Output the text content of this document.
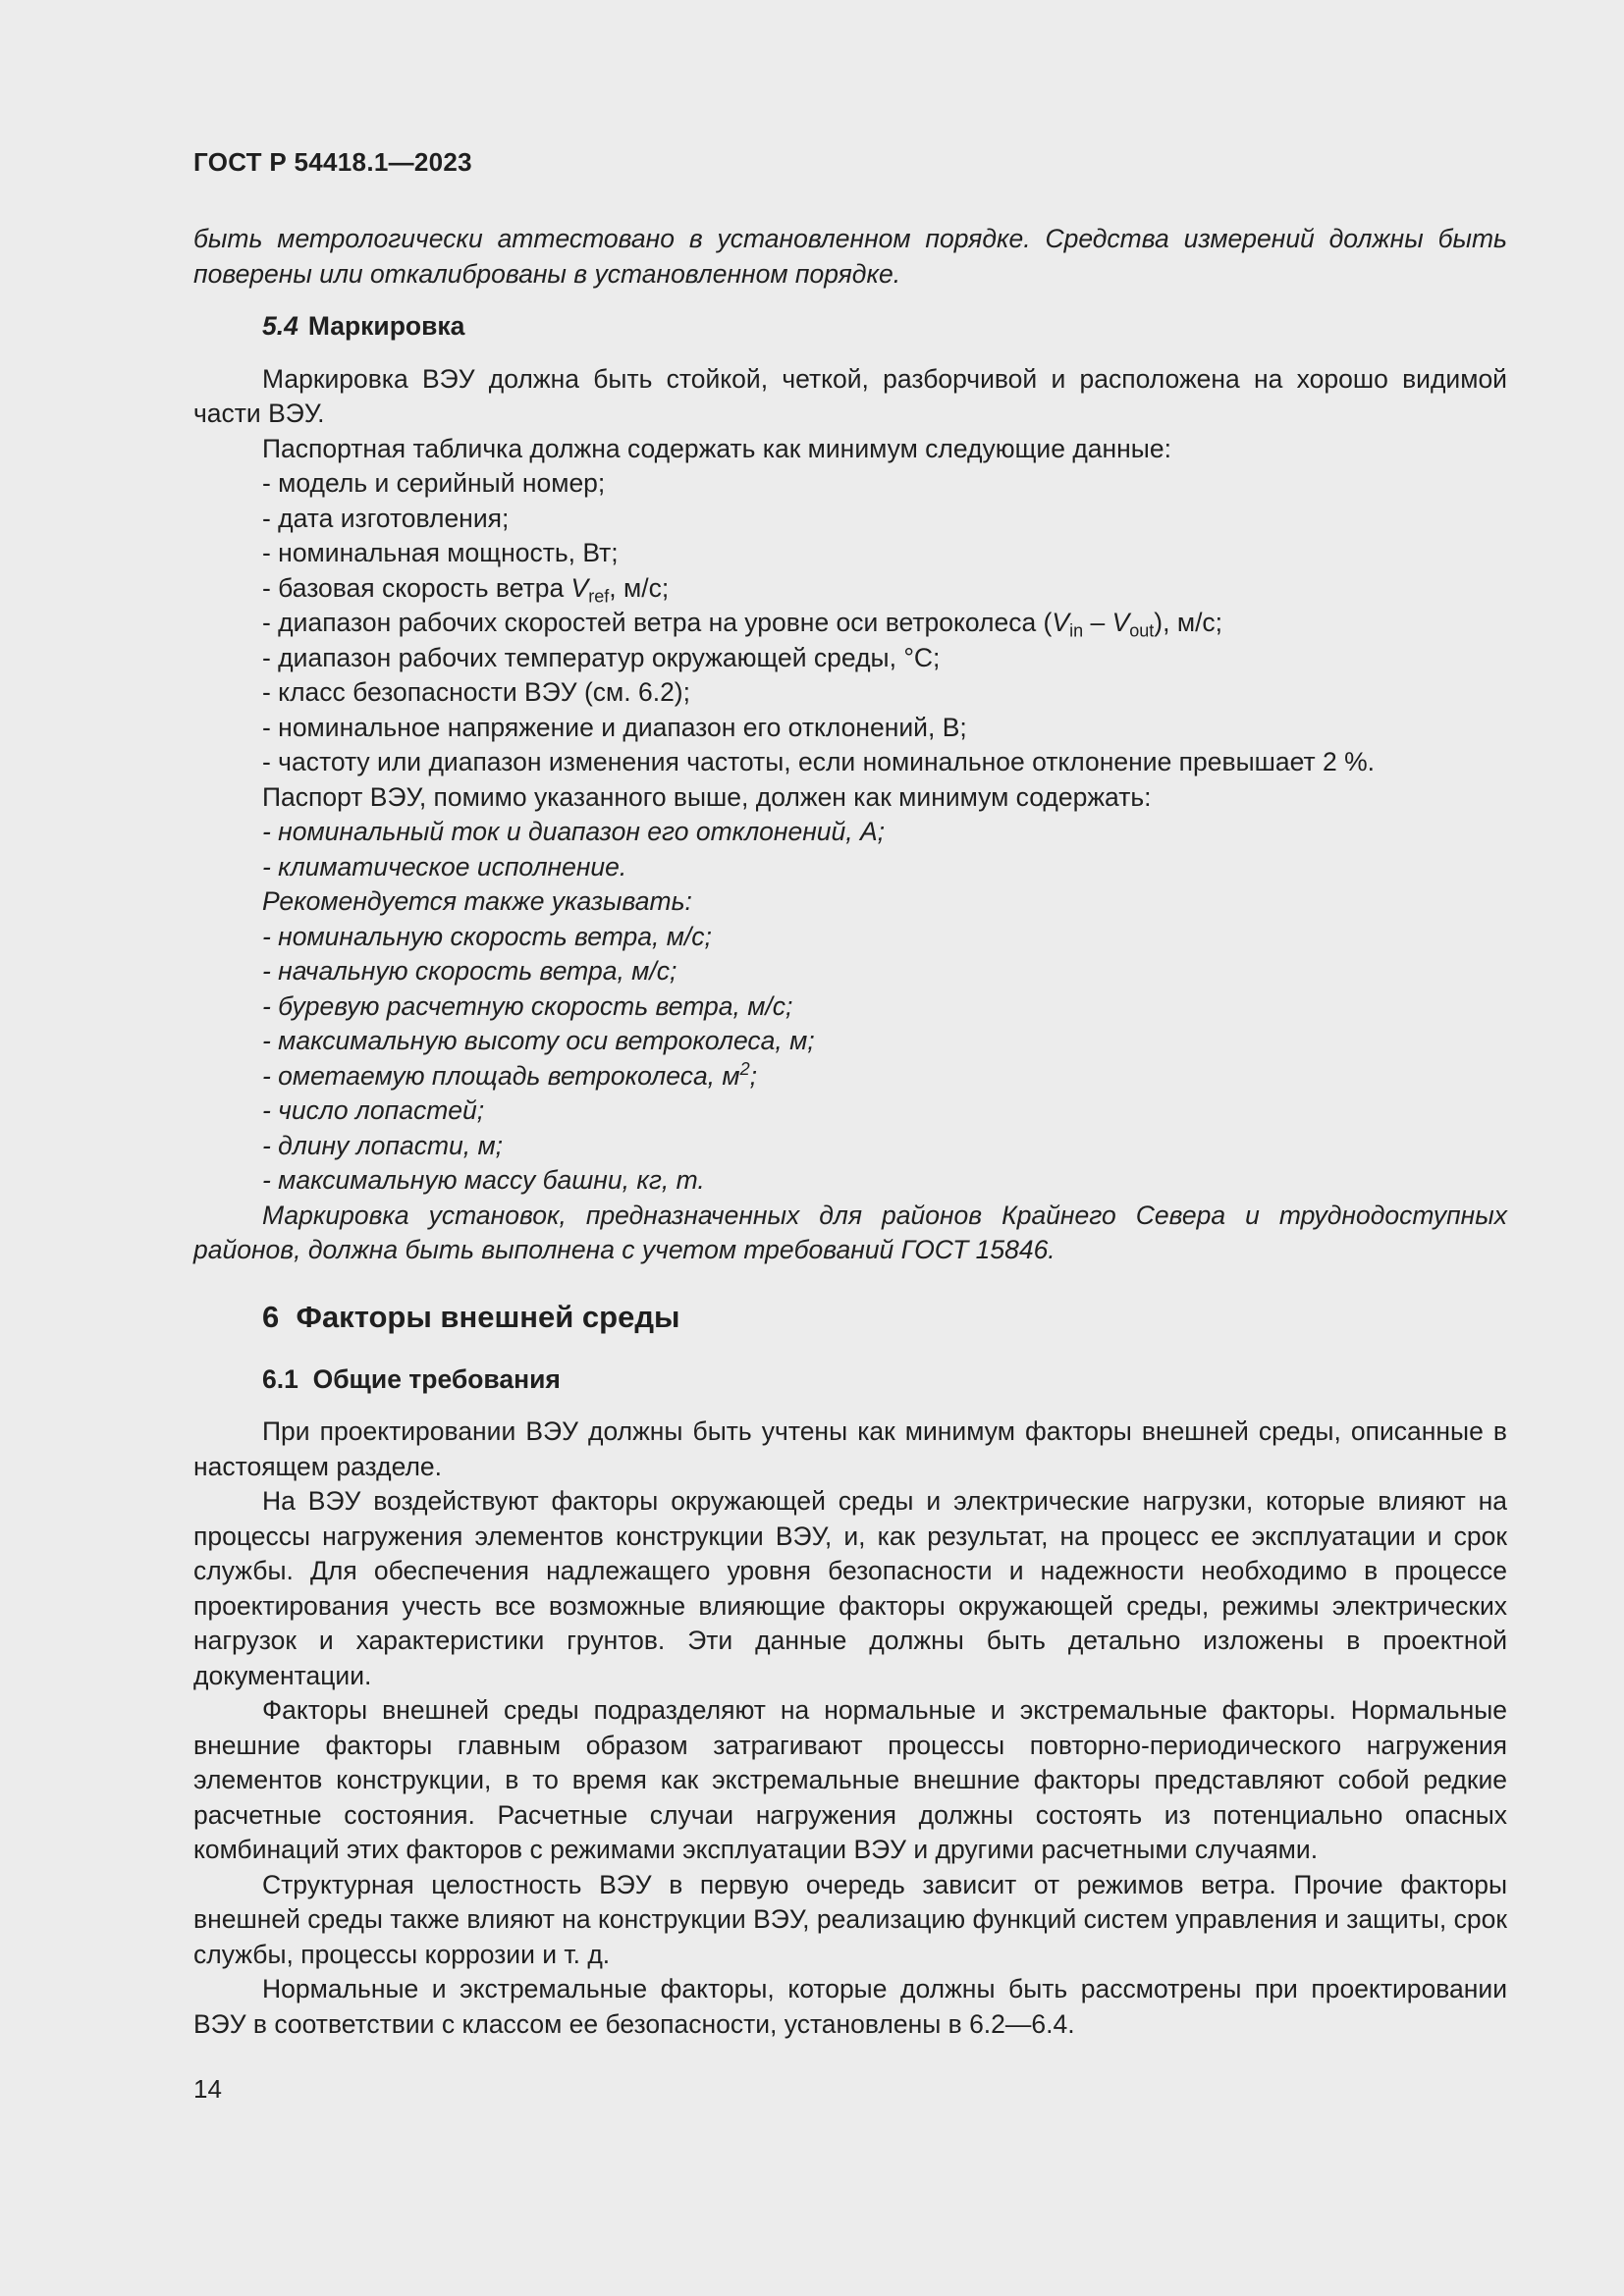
ГОСТ Р 54418.1—2023

быть метрологически аттестовано в установленном порядке. Средства измерений должны быть поверены или откалиброваны в установленном порядке.

5.4 Маркировка

Маркировка ВЭУ должна быть стойкой, четкой, разборчивой и расположена на хорошо видимой части ВЭУ.

Паспортная табличка должна содержать как минимум следующие данные:

- модель и серийный номер;

- дата изготовления;

- номинальная мощность, Вт;

- базовая скорость ветра $V_{ref}$, м/с;

- диапазон рабочих скоростей ветра на уровне оси ветроколеса $(V_{in} - V_{out})$, м/с;

- диапазон рабочих температур окружающей среды, °С;

- класс безопасности ВЭУ (см. 6.2);

- номинальное напряжение и диапазон его отклонений, В;

- частоту или диапазон изменения частоты, если номинальное отклонение превышает 2 %.

Паспорт ВЭУ, помимо указанного выше, должен как минимум содержать:

- номинальный ток и диапазон его отклонений, А;

- климатическое исполнение.

Рекомендуется также указывать:

- номинальную скорость ветра, м/с;

- начальную скорость ветра, м/с;

- буревую расчетную скорость ветра, м/с;

- максимальную высоту оси ветроколеса, м;

- ометаемую площадь ветроколеса, $м^2$;

- число лопастей;

- длину лопасти, м;

- максимальную массу башни, кг, т.

Маркировка установок, предназначенных для районов Крайнего Севера и труднодоступных районов, должна быть выполнена с учетом требований ГОСТ 15846.

6 Факторы внешней среды
6.1 Общие требования

При проектировании ВЭУ должны быть учтены как минимум факторы внешней среды, описанные в настоящем разделе.

На ВЭУ воздействуют факторы окружающей среды и электрические нагрузки, которые влияют на процессы нагружения элементов конструкции ВЭУ, и, как результат, на процесс ее эксплуатации и срок службы. Для обеспечения надлежащего уровня безопасности и надежности необходимо в процессе проектирования учесть все возможные влияющие факторы окружающей среды, режимы электрических нагрузок и характеристики грунтов. Эти данные должны быть детально изложены в проектной документации.

Факторы внешней среды подразделяют на нормальные и экстремальные факторы. Нормальные внешние факторы главным образом затрагивают процессы повторно-периодического нагружения элементов конструкции, в то время как экстремальные внешние факторы представляют собой редкие расчетные состояния. Расчетные случаи нагружения должны состоять из потенциально опасных комбинаций этих факторов с режимами эксплуатации ВЭУ и другими расчетными случаями.

Структурная целостность ВЭУ в первую очередь зависит от режимов ветра. Прочие факторы внешней среды также влияют на конструкции ВЭУ, реализацию функций систем управления и защиты, срок службы, процессы коррозии и т. д.

Нормальные и экстремальные факторы, которые должны быть рассмотрены при проектировании ВЭУ в соответствии с классом ее безопасности, установлены в 6.2—6.4.

14
